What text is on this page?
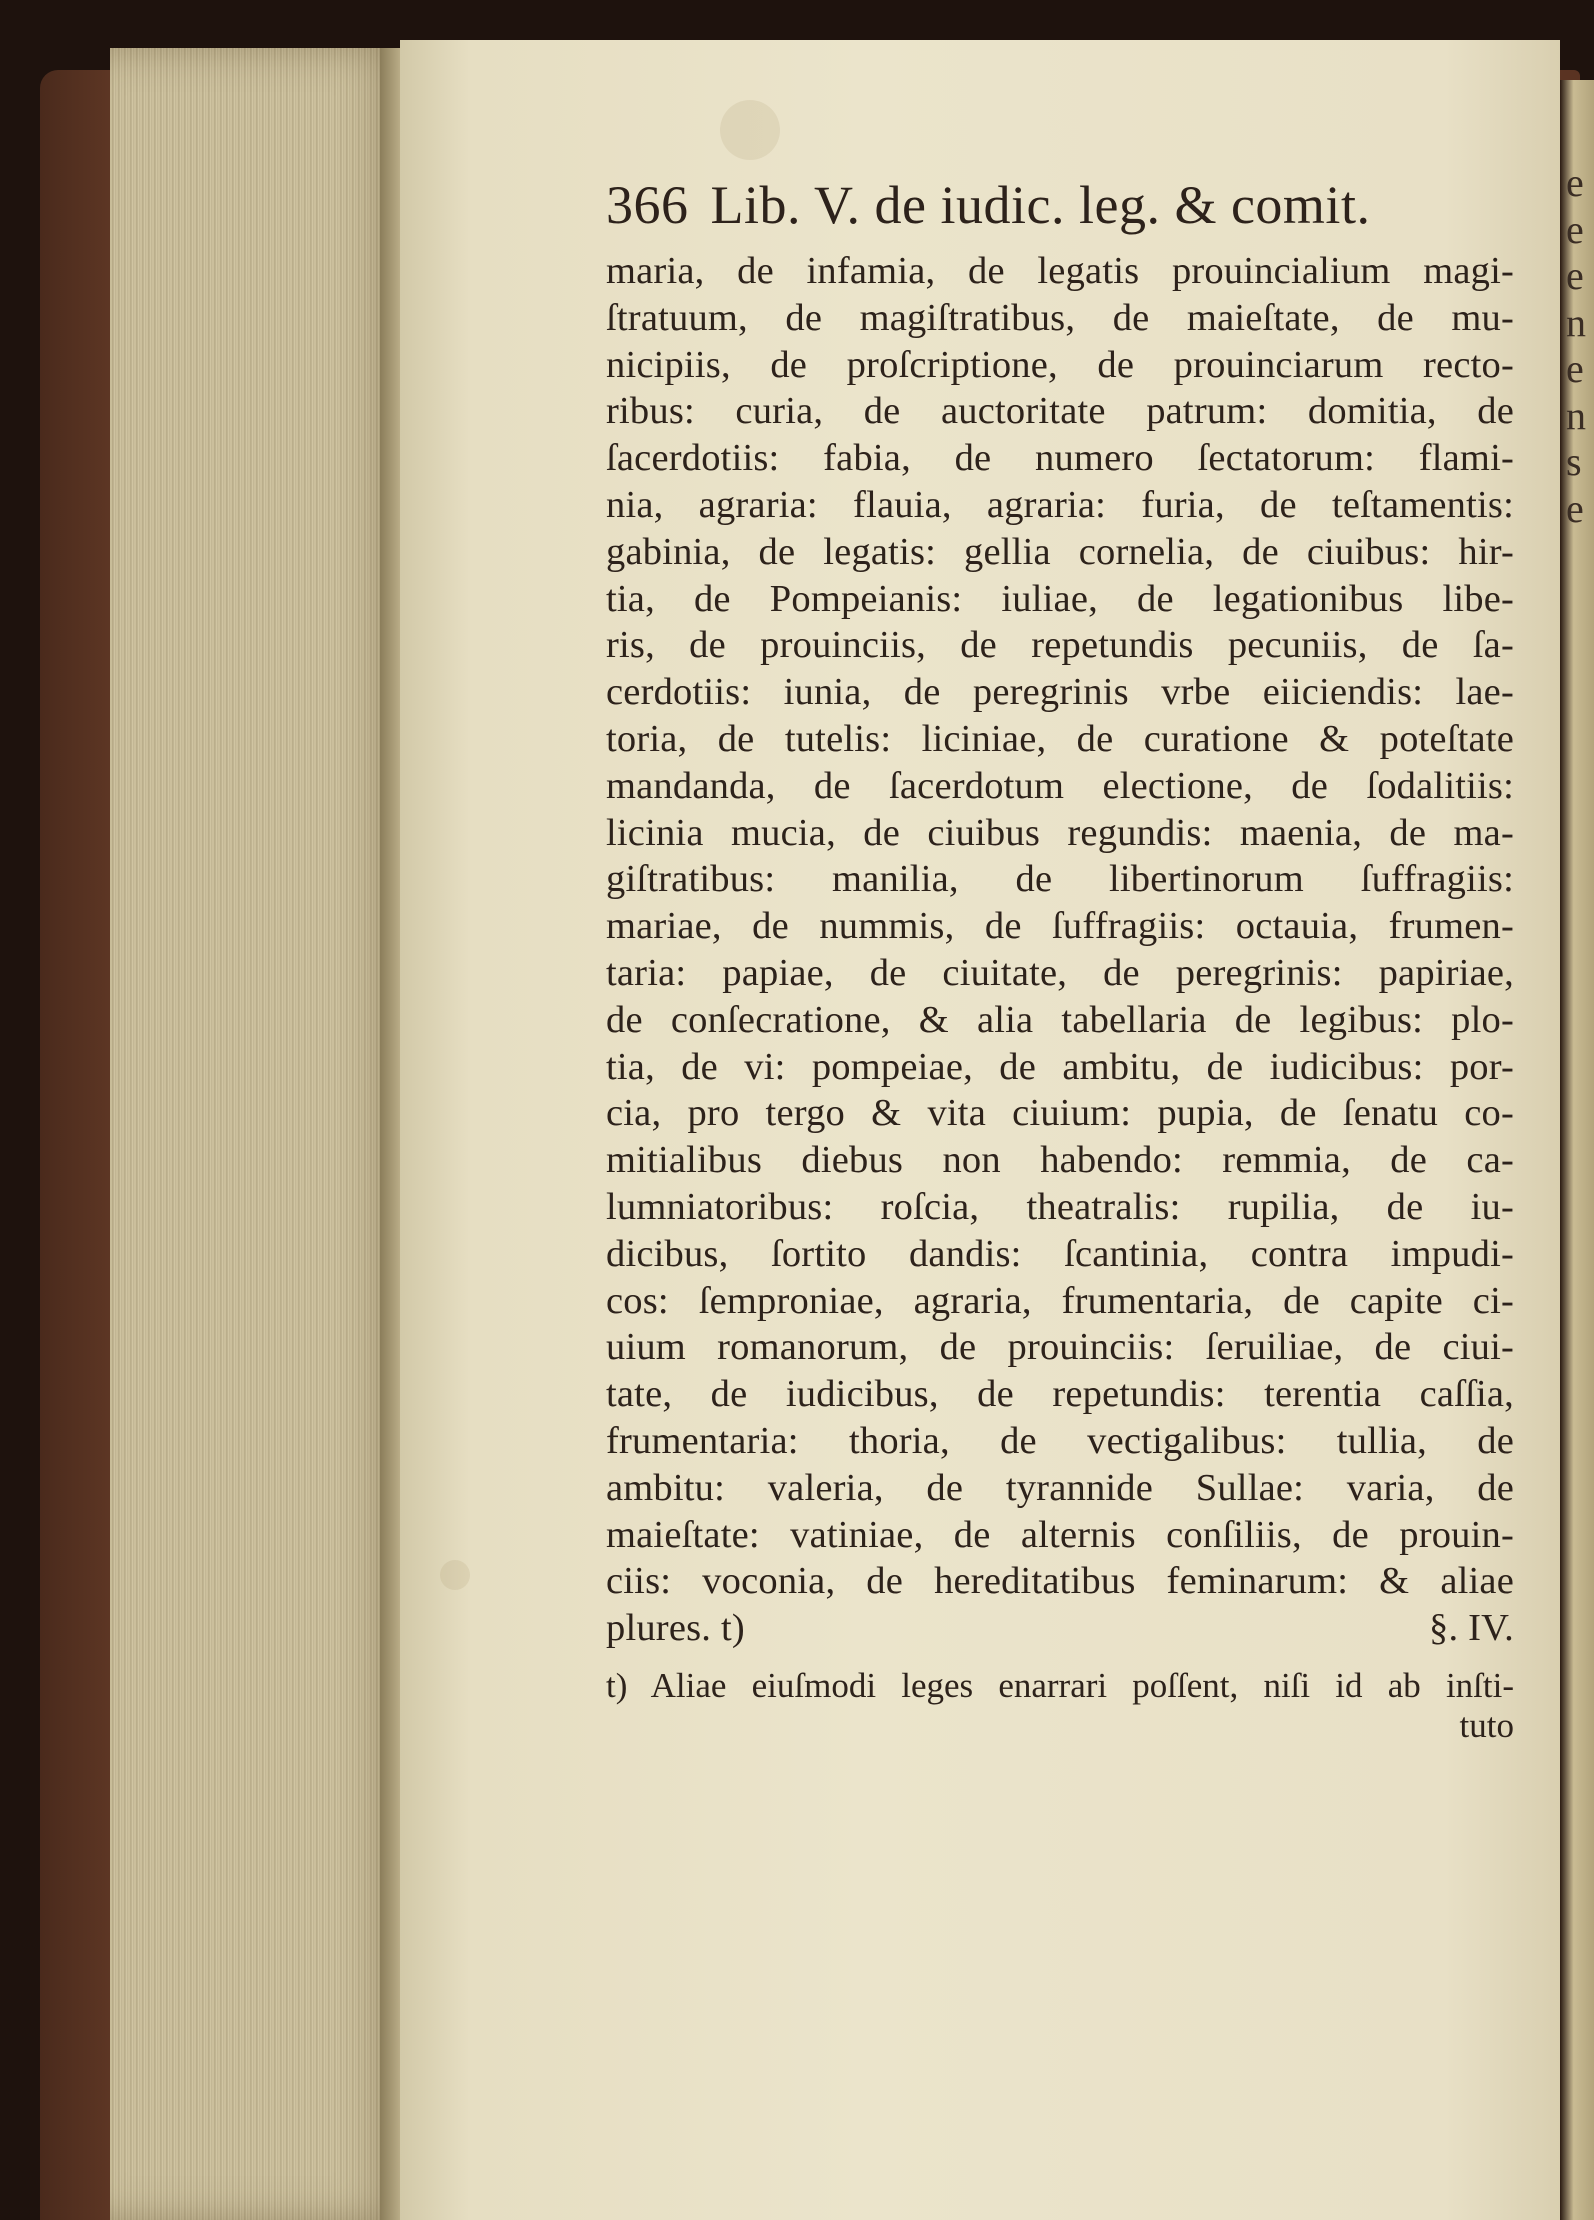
e
e
e
n
e
n
s
e
366 Lib. V. de iudic. leg. & comit.
maria, de infamia, de legatis prouincialium magi-
ſtratuum, de magiſtratibus, de maieſtate, de mu-
nicipiis, de proſcriptione, de prouinciarum recto-
ribus: curia, de auctoritate patrum: domitia, de
ſacerdotiis: fabia, de numero ſectatorum: flami-
nia, agraria: flauia, agraria: furia, de teſtamentis:
gabinia, de legatis: gellia cornelia, de ciuibus: hir-
tia, de Pompeianis: iuliae, de legationibus libe-
ris, de prouinciis, de repetundis pecuniis, de ſa-
cerdotiis: iunia, de peregrinis vrbe eiiciendis: lae-
toria, de tutelis: liciniae, de curatione & poteſtate
mandanda, de ſacerdotum electione, de ſodalitiis:
licinia mucia, de ciuibus regundis: maenia, de ma-
giſtratibus: manilia, de libertinorum ſuffragiis:
mariae, de nummis, de ſuffragiis: octauia, frumen-
taria: papiae, de ciuitate, de peregrinis: papiriae,
de conſecratione, & alia tabellaria de legibus: plo-
tia, de vi: pompeiae, de ambitu, de iudicibus: por-
cia, pro tergo & vita ciuium: pupia, de ſenatu co-
mitialibus diebus non habendo: remmia, de ca-
lumniatoribus: roſcia, theatralis: rupilia, de iu-
dicibus, ſortito dandis: ſcantinia, contra impudi-
cos: ſemproniae, agraria, frumentaria, de capite ci-
uium romanorum, de prouinciis: ſeruiliae, de ciui-
tate, de iudicibus, de repetundis: terentia caſſia,
frumentaria: thoria, de vectigalibus: tullia, de
ambitu: valeria, de tyrannide Sullae: varia, de
maieſtate: vatiniae, de alternis conſiliis, de prouin-
ciis: voconia, de hereditatibus feminarum: & aliae
plures. t)	§. IV.
t) Aliae eiuſmodi leges enarrari poſſent, niſi id ab inſti-
tuto
